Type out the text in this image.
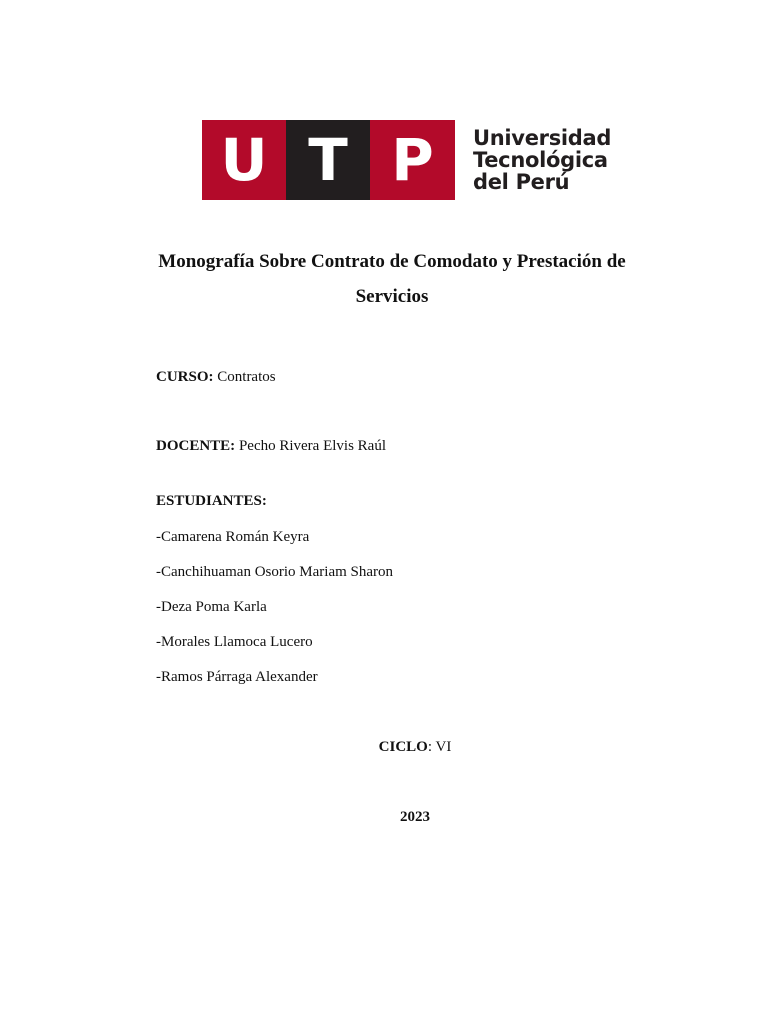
U T P	Universidad
Tecnológica
del Perú
Monografía Sobre Contrato de Comodato y Prestación de
Servicios
CURSO: Contratos
DOCENTE: Pecho Rivera Elvis Raúl
ESTUDIANTES:
-Camarena Román Keyra
-Canchihuaman Osorio Mariam Sharon
-Deza Poma Karla
-Morales Llamoca Lucero
-Ramos Párraga Alexander
CICLO: VI
2023
